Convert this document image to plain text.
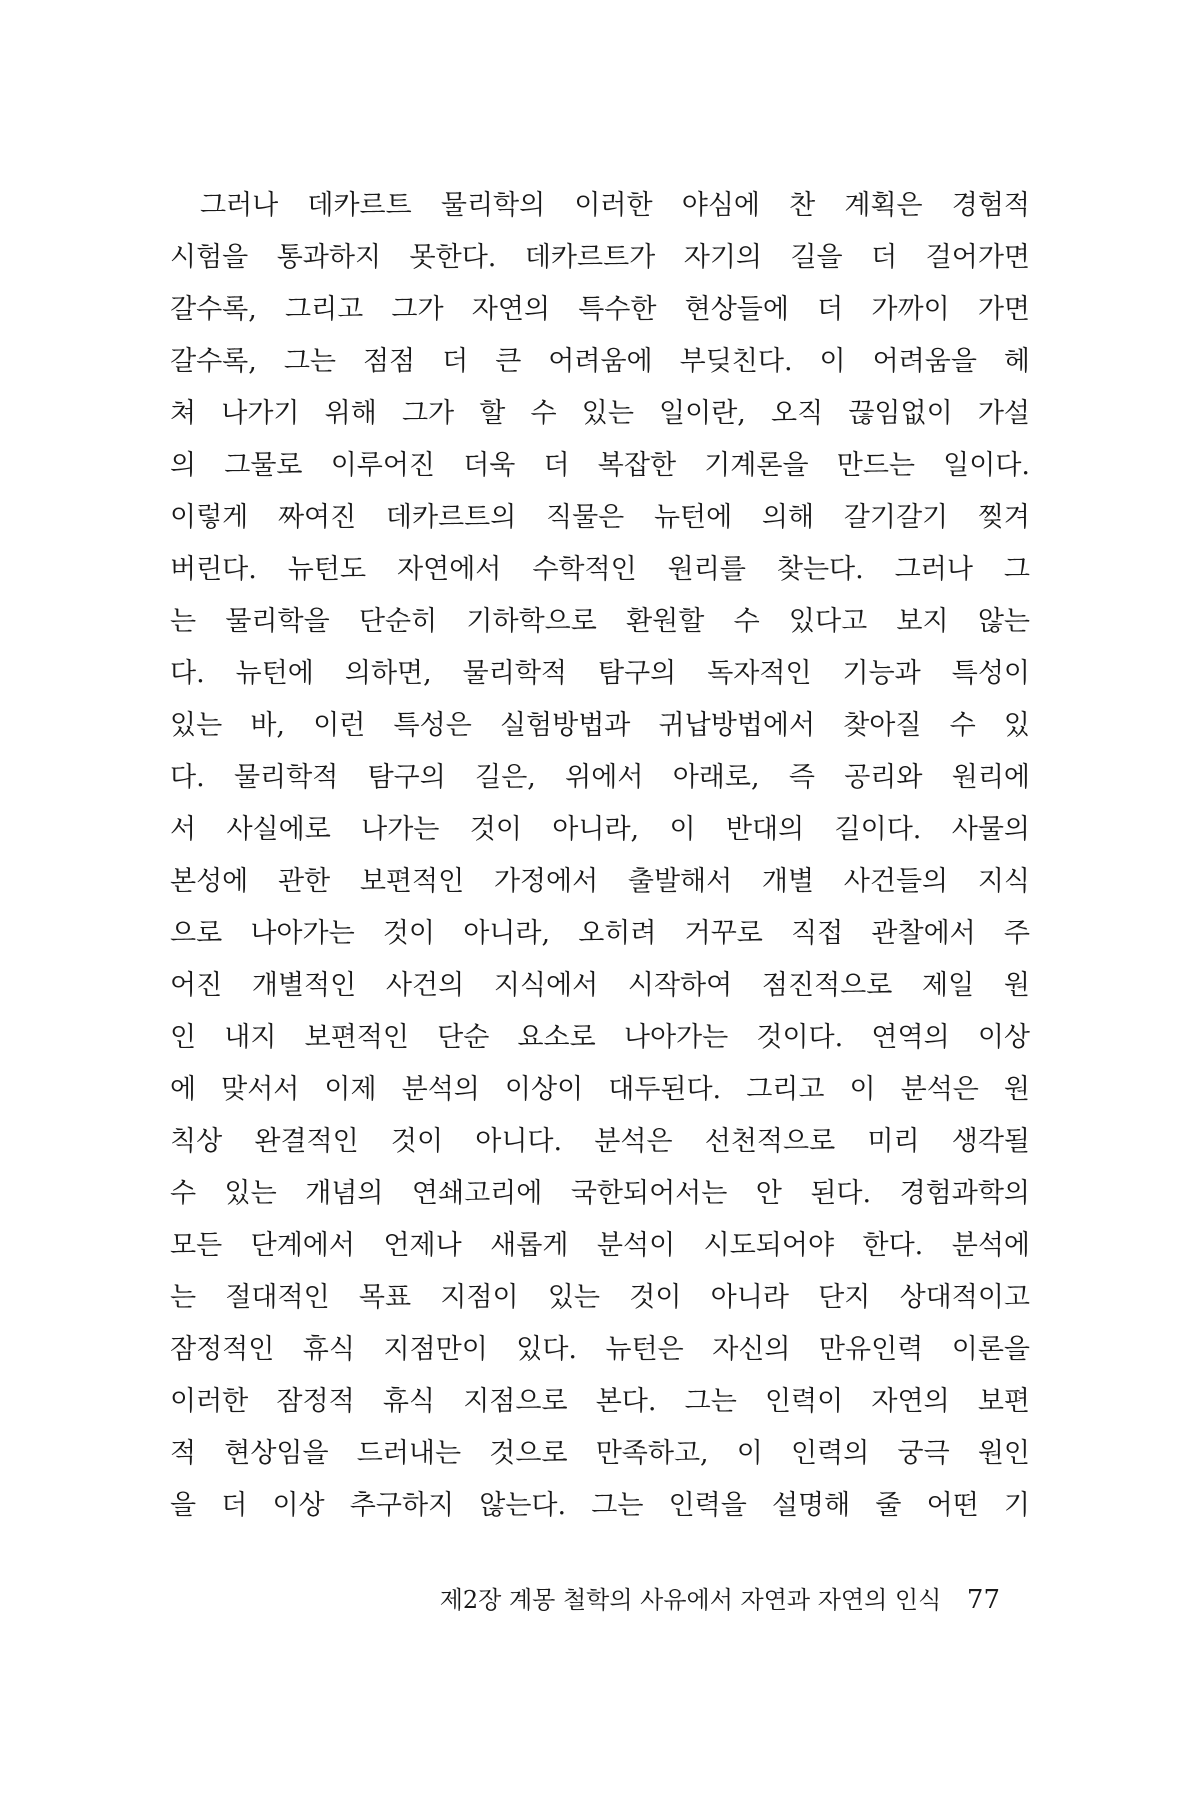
그러나 데카르트 물리학의 이러한 야심에 찬 계획은 경험적
시험을 통과하지 못한다. 데카르트가 자기의 길을 더 걸어가면
갈수록, 그리고 그가 자연의 특수한 현상들에 더 가까이 가면
갈수록, 그는 점점 더 큰 어려움에 부딪친다. 이 어려움을 헤
쳐 나가기 위해 그가 할 수 있는 일이란, 오직 끊임없이 가설
의 그물로 이루어진 더욱 더 복잡한 기계론을 만드는 일이다.
이렇게 짜여진 데카르트의 직물은 뉴턴에 의해 갈기갈기 찢겨
버린다. 뉴턴도 자연에서 수학적인 원리를 찾는다. 그러나 그
는 물리학을 단순히 기하학으로 환원할 수 있다고 보지 않는
다. 뉴턴에 의하면, 물리학적 탐구의 독자적인 기능과 특성이
있는 바, 이런 특성은 실험방법과 귀납방법에서 찾아질 수 있
다. 물리학적 탐구의 길은, 위에서 아래로, 즉 공리와 원리에
서 사실에로 나가는 것이 아니라, 이 반대의 길이다. 사물의
본성에 관한 보편적인 가정에서 출발해서 개별 사건들의 지식
으로 나아가는 것이 아니라, 오히려 거꾸로 직접 관찰에서 주
어진 개별적인 사건의 지식에서 시작하여 점진적으로 제일 원
인 내지 보편적인 단순 요소로 나아가는 것이다. 연역의 이상
에 맞서서 이제 분석의 이상이 대두된다. 그리고 이 분석은 원
칙상 완결적인 것이 아니다. 분석은 선천적으로 미리 생각될
수 있는 개념의 연쇄고리에 국한되어서는 안 된다. 경험과학의
모든 단계에서 언제나 새롭게 분석이 시도되어야 한다. 분석에
는 절대적인 목표 지점이 있는 것이 아니라 단지 상대적이고
잠정적인 휴식 지점만이 있다. 뉴턴은 자신의 만유인력 이론을
이러한 잠정적 휴식 지점으로 본다. 그는 인력이 자연의 보편
적 현상임을 드러내는 것으로 만족하고, 이 인력의 궁극 원인
을 더 이상 추구하지 않는다. 그는 인력을 설명해 줄 어떤 기
제2장 계몽 철학의 사유에서 자연과 자연의 인식 77
